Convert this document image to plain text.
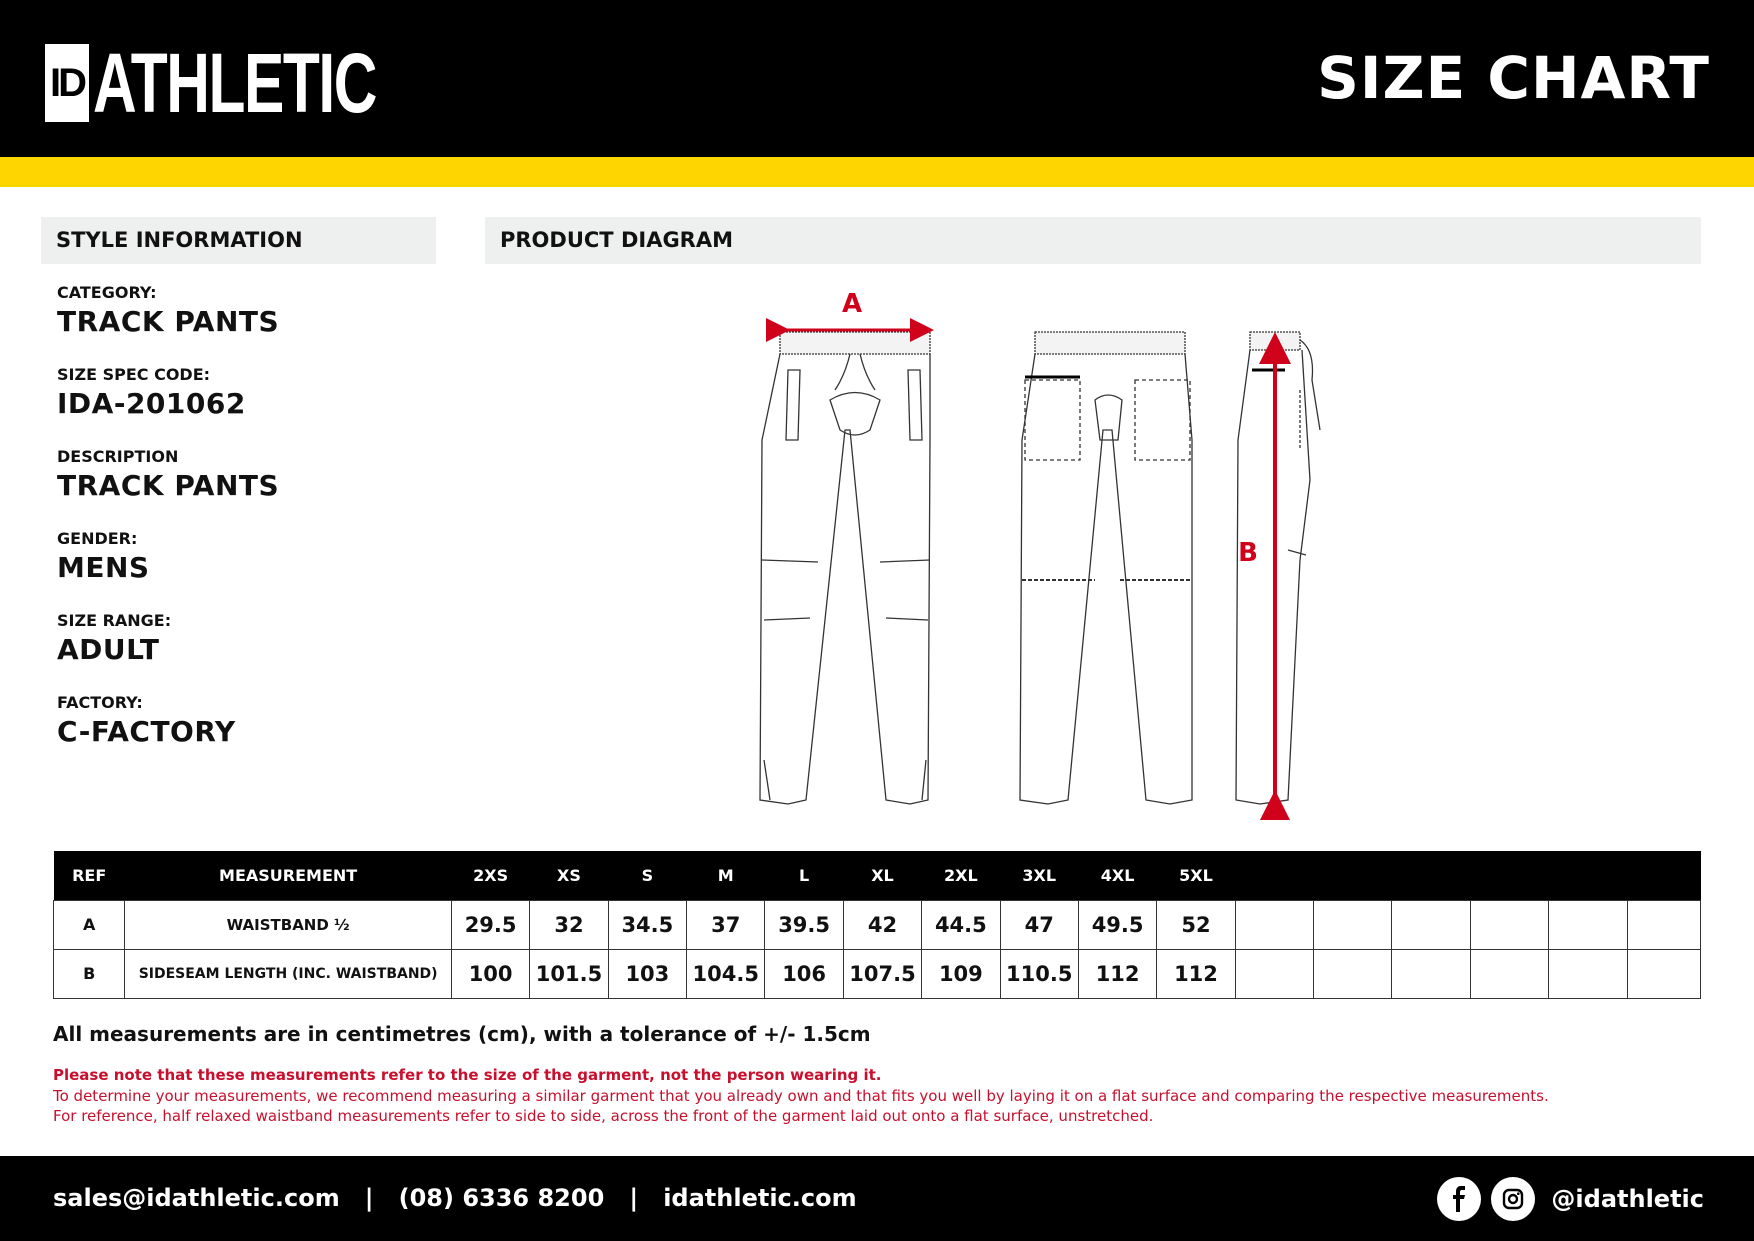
ID ATHLETIC	SIZE CHART
STYLE INFORMATION	PRODUCT DIAGRAM
CATEGORY:
TRACK PANTS
SIZE SPEC CODE:
IDA-201062
DESCRIPTION
TRACK PANTS
GENDER:
MENS
SIZE RANGE:
ADULT
FACTORY:
C-FACTORY
A
B
REF	MEASUREMENT	2XS	XS	S	M	L	XL	2XL	3XL	4XL	5XL						
A	WAISTBAND ½	29.5	32	34.5	37	39.5	42	44.5	47	49.5	52						
B	SIDESEAM LENGTH (INC. WAISTBAND)	100	101.5	103	104.5	106	107.5	109	110.5	112	112						
All measurements are in centimetres (cm), with a tolerance of +/- 1.5cm
Please note that these measurements refer to the size of the garment, not the person wearing it.
To determine your measurements, we recommend measuring a similar garment that you already own and that fits you well by laying it on a flat surface and comparing the respective measurements.
For reference, half relaxed waistband measurements refer to side to side, across the front of the garment laid out onto a flat surface, unstretched.
sales@idathletic.com | (08) 6336 8200 | idathletic.com	@idathletic
